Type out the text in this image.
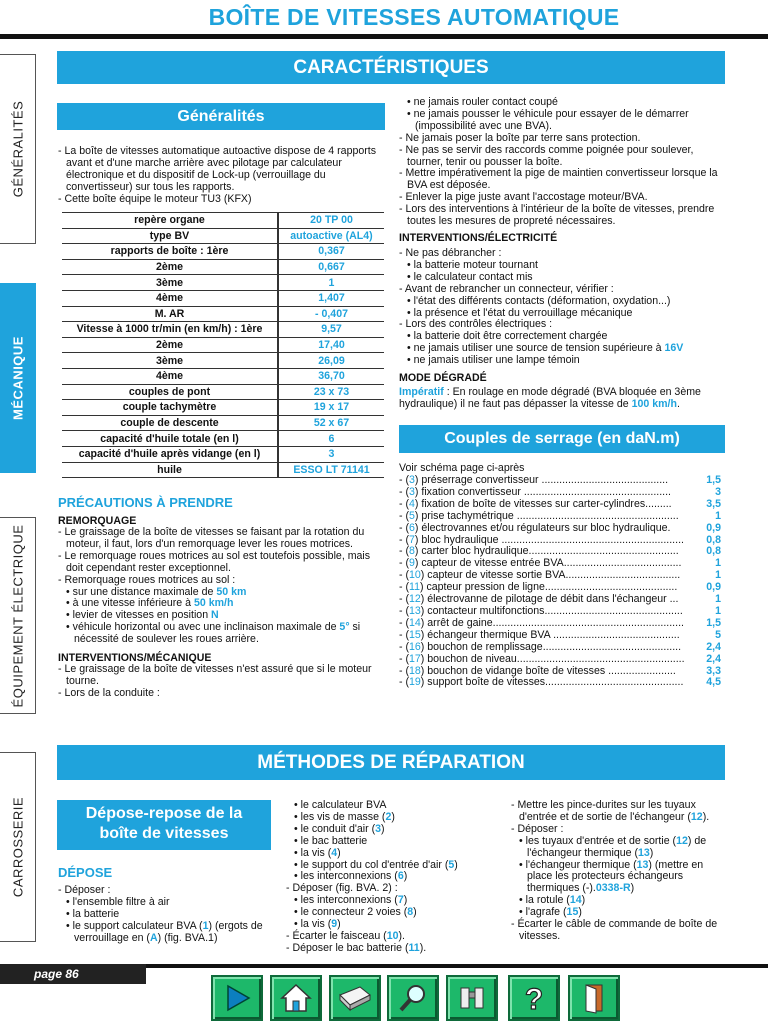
BOÎTE DE VITESSES AUTOMATIQUE
GÉNÉRALITÉS
MÉCANIQUE
ÉQUIPEMENT ÉLECTRIQUE
CARROSSERIE
CARACTÉRISTIQUES
Généralités

- La boîte de vitesses automatique autoactive dispose de 4 rapports avant et d'une marche arrière avec pilotage par calculateur électronique et du dispositif de Lock-up (verrouillage du convertisseur) sur tous les rapports.

- Cette boîte équipe le moteur TU3 (KFX)

repère organe	20 TP 00
type BV	autoactive (AL4)
rapports de boîte : 1ère	0,367
2ème	0,667
3ème	1
4ème	1,407
M. AR	- 0,407
Vitesse à 1000 tr/min (en km/h) : 1ère	9,57
2ème	17,40
3ème	26,09
4ème	36,70
couples de pont	23 x 73
couple tachymètre	19 x 17
couple de descente	52 x 67
capacité d'huile totale (en l)	6
capacité d'huile après vidange (en l)	3
huile	ESSO LT 71141
PRÉCAUTIONS À PRENDRE
REMORQUAGE

- Le graissage de la boîte de vitesses se faisant par la rotation du moteur, il faut, lors d'un remorquage lever les roues motrices.

- Le remorquage roues motrices au sol est toutefois possible, mais doit cependant rester exceptionnel.

- Remorquage roues motrices au sol :

• sur une distance maximale de 50 km

• à une vitesse inférieure à 50 km/h

• levier de vitesses en position N

• véhicule horizontal ou avec une inclinaison maximale de 5° si nécessité de soulever les roues arrière.

INTERVENTIONS/MÉCANIQUE

- Le graissage de la boîte de vitesses n'est assuré que si le moteur tourne.

- Lors de la conduite :

• ne jamais rouler contact coupé

• ne jamais pousser le véhicule pour essayer de le démarrer (impossibilité avec une BVA).

- Ne jamais poser la boîte par terre sans protection.

- Ne pas se servir des raccords comme poignée pour soulever, tourner, tenir ou pousser la boîte.

- Mettre impérativement la pige de maintien convertisseur lorsque la BVA est déposée.

- Enlever la pige juste avant l'accostage moteur/BVA.

- Lors des interventions à l'intérieur de la boîte de vitesses, prendre toutes les mesures de propreté nécessaires.

INTERVENTIONS/ÉLECTRICITÉ

- Ne pas débrancher :

• la batterie moteur tournant

• le calculateur contact mis

- Avant de rebrancher un connecteur, vérifier :

• l'état des différents contacts (déformation, oxydation...)

• la présence et l'état du verrouillage mécanique

- Lors des contrôles électriques :

• la batterie doit être correctement chargée

• ne jamais utiliser une source de tension supérieure à 16V

• ne jamais utiliser une lampe témoin

MODE DÉGRADÉ
Impératif : En roulage en mode dégradé (BVA bloquée en 3ème hydraulique) il ne faut pas dépasser la vitesse de 100 km/h.
Couples de serrage (en daN.m)
Voir schéma page ci-après
- (3) préserrage convertisseur ...........................................	1,5
- (3) fixation convertisseur ..................................................	3
- (4) fixation de boîte de vitesses sur carter-cylindres.........	3,5
- (5) prise tachymétrique .......................................................	1
- (6) électrovannes et/ou régulateurs sur bloc hydraulique.	0,9
- (7) bloc hydraulique ..............................................................	0,8
- (8) carter bloc hydraulique...................................................	0,8
- (9) capteur de vitesse entrée BVA........................................	1
- (10) capteur de vitesse sortie BVA.......................................	1
- (11) capteur pression de ligne.............................................	0,9
- (12) électrovanne de pilotage de débit dans l'échangeur ...	1
- (13) contacteur multifonctions...............................................	1
- (14) arrêt de gaine.................................................................	1,5
- (15) échangeur thermique BVA ...........................................	5
- (16) bouchon de remplissage...............................................	2,4
- (17) bouchon de niveau.........................................................	2,4
- (18) bouchon de vidange boîte de vitesses .......................	3,3
- (19) support boîte de vitesses...............................................	4,5
MÉTHODES DE RÉPARATION
Dépose-repose de la
boîte de vitesses
DÉPOSE

- Déposer :

• l'ensemble filtre à air

• la batterie

• le support calculateur BVA (1) (ergots de verrouillage en (A) (fig. BVA.1)

• le calculateur BVA

• les vis de masse (2)

• le conduit d'air (3)

• le bac batterie

• la vis (4)

• le support du col d'entrée d'air (5)

• les interconnexions (6)

- Déposer (fig. BVA. 2) :

• les interconnexions (7)

• le connecteur 2 voies (8)

• la vis (9)

- Écarter le faisceau (10).

- Déposer le bac batterie (11).

- Mettre les pince-durites sur les tuyaux d'entrée et de sortie de l'échangeur (12).

- Déposer :

• les tuyaux d'entrée et de sortie (12) de l'échangeur thermique (13)

• l'échangeur thermique (13) (mettre en place les protecteurs échangeurs thermiques (-).0338-R)

• la rotule (14)

• l'agrafe (15)

- Écarter le câble de commande de boîte de vitesses.

page 86
?
